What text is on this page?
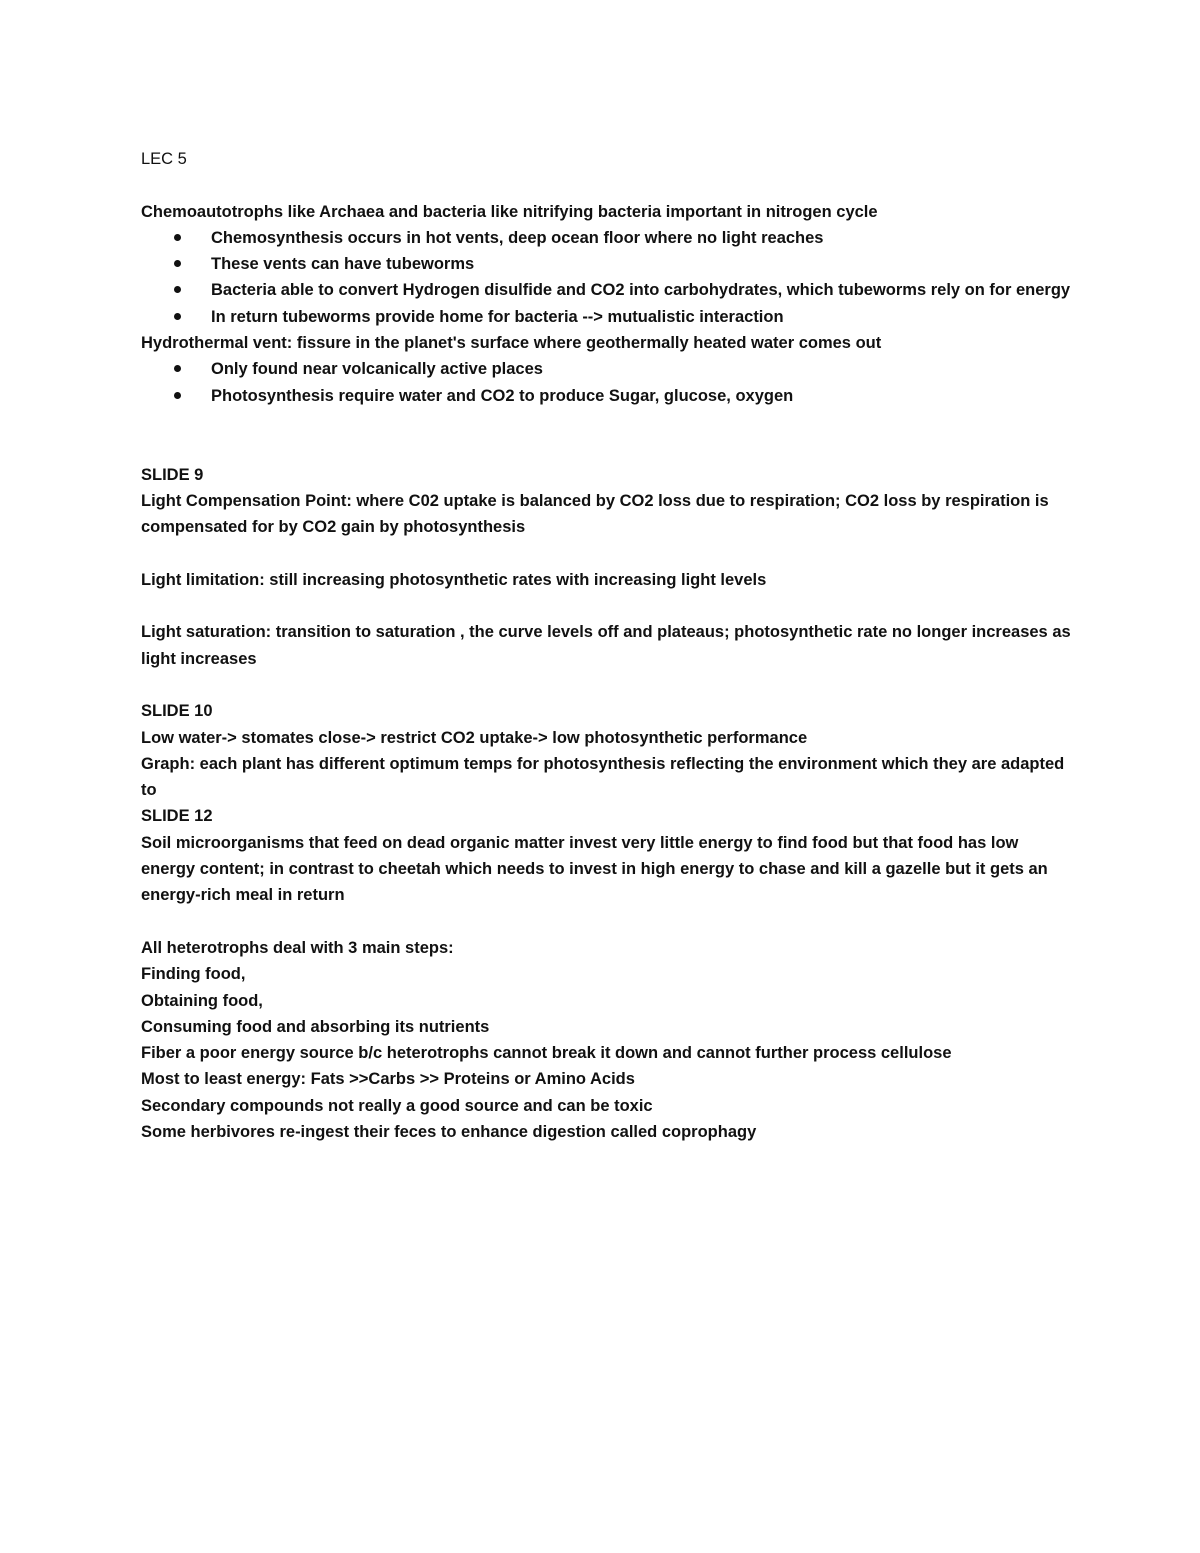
LEC 5

Chemoautotrophs like Archaea and bacteria like nitrifying bacteria important in nitrogen cycle

Chemosynthesis occurs in hot vents, deep ocean floor where no light reaches
These vents can have tubeworms
Bacteria able to convert Hydrogen disulfide and CO2 into carbohydrates, which tubeworms rely on for energy
In return tubeworms provide home for bacteria --> mutualistic interaction

Hydrothermal vent: fissure in the planet's surface where geothermally heated water comes out

Only found near volcanically active places
Photosynthesis require water and CO2 to produce Sugar, glucose, oxygen

SLIDE 9

Light Compensation Point: where C02 uptake is balanced by CO2 loss due to respiration; CO2 loss by respiration is compensated for by CO2 gain by photosynthesis

Light limitation: still increasing photosynthetic rates with increasing light levels

Light saturation: transition to saturation , the curve levels off and plateaus; photosynthetic rate no longer increases as light increases

SLIDE 10

Low water-> stomates close-> restrict CO2 uptake-> low photosynthetic performance

Graph: each plant has different optimum temps for photosynthesis reflecting the environment which they are adapted to

SLIDE 12

Soil microorganisms that feed on dead organic matter invest very little energy to find food but that food has low energy content; in contrast to cheetah which needs to invest in high energy to chase and kill a gazelle but it gets an energy-rich meal in return

All heterotrophs deal with 3 main steps:

Finding food,

Obtaining food,

Consuming food and absorbing its nutrients

Fiber a poor energy source b/c heterotrophs cannot break it down and cannot further process cellulose

Most to least energy: Fats >>Carbs >> Proteins or Amino Acids

Secondary compounds not really a good source and can be toxic

Some herbivores re-ingest their feces to enhance digestion called coprophagy
